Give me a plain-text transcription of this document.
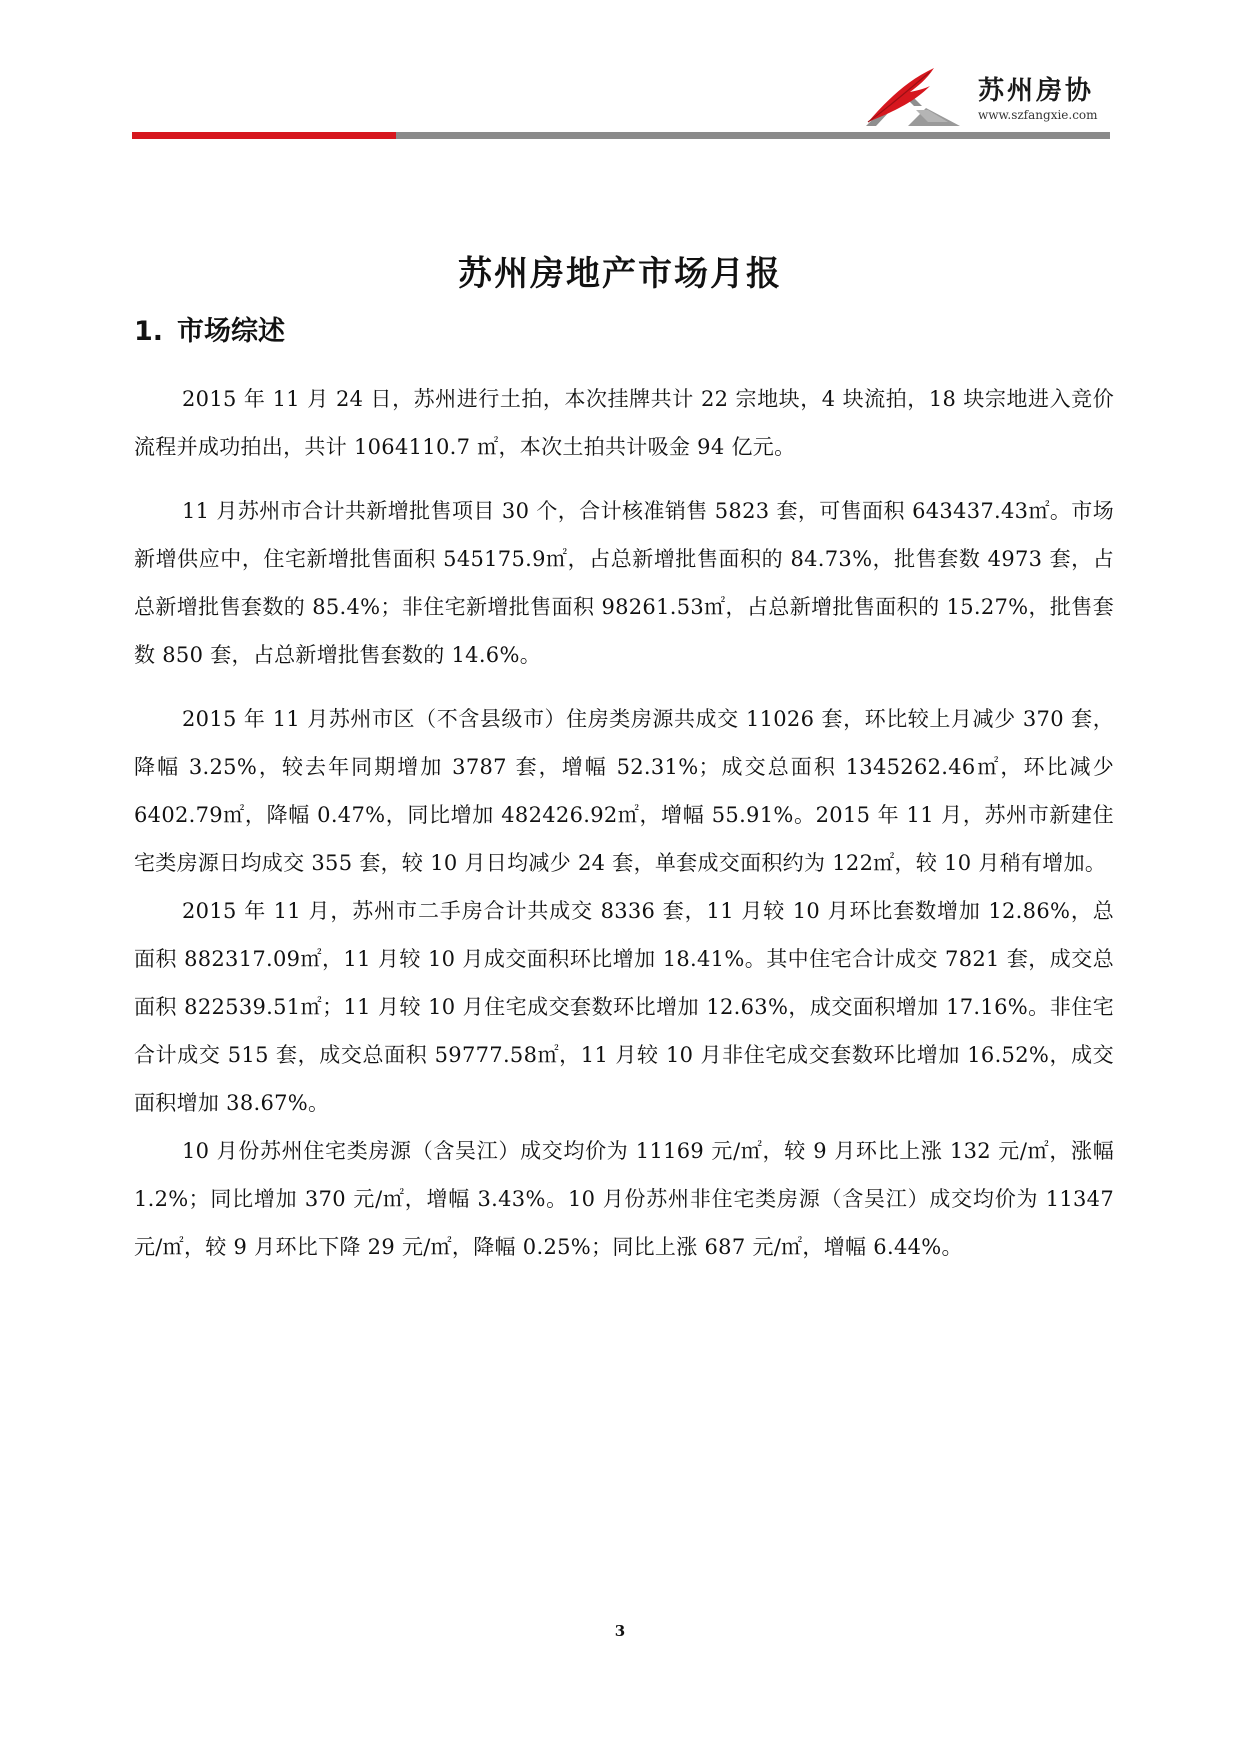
苏州房协
www.szfangxie.com
苏州房地产市场月报
1. 市场综述

2015 年 11 月 24 日，苏州进行土拍，本次挂牌共计 22 宗地块，4 块流拍，18 块宗地进入竞价流程并成功拍出，共计 1064110.7 ㎡，本次土拍共计吸金 94 亿元。

11 月苏州市合计共新增批售项目 30 个，合计核准销售 5823 套，可售面积 643437.43㎡。市场新增供应中，住宅新增批售面积 545175.9㎡，占总新增批售面积的 84.73%，批售套数 4973 套，占总新增批售套数的 85.4%；非住宅新增批售面积 98261.53㎡，占总新增批售面积的 15.27%，批售套数 850 套，占总新增批售套数的 14.6%。

2015 年 11 月苏州市区（不含县级市）住房类房源共成交 11026 套，环比较上月减少 370 套，降幅 3.25%，较去年同期增加 3787 套，增幅 52.31%；成交总面积 1345262.46㎡，环比减少 6402.79㎡，降幅 0.47%，同比增加 482426.92㎡，增幅 55.91%。2015 年 11 月，苏州市新建住宅类房源日均成交 355 套，较 10 月日均减少 24 套，单套成交面积约为 122㎡，较 10 月稍有增加。

2015 年 11 月，苏州市二手房合计共成交 8336 套，11 月较 10 月环比套数增加 12.86%，总面积 882317.09㎡，11 月较 10 月成交面积环比增加 18.41%。其中住宅合计成交 7821 套，成交总面积 822539.51㎡；11 月较 10 月住宅成交套数环比增加 12.63%，成交面积增加 17.16%。非住宅合计成交 515 套，成交总面积 59777.58㎡，11 月较 10 月非住宅成交套数环比增加 16.52%，成交面积增加 38.67%。

10 月份苏州住宅类房源（含吴江）成交均价为 11169 元/㎡，较 9 月环比上涨 132 元/㎡，涨幅 1.2%；同比增加 370 元/㎡，增幅 3.43%。10 月份苏州非住宅类房源（含吴江）成交均价为 11347 元/㎡，较 9 月环比下降 29 元/㎡，降幅 0.25%；同比上涨 687 元/㎡，增幅 6.44%。

3
